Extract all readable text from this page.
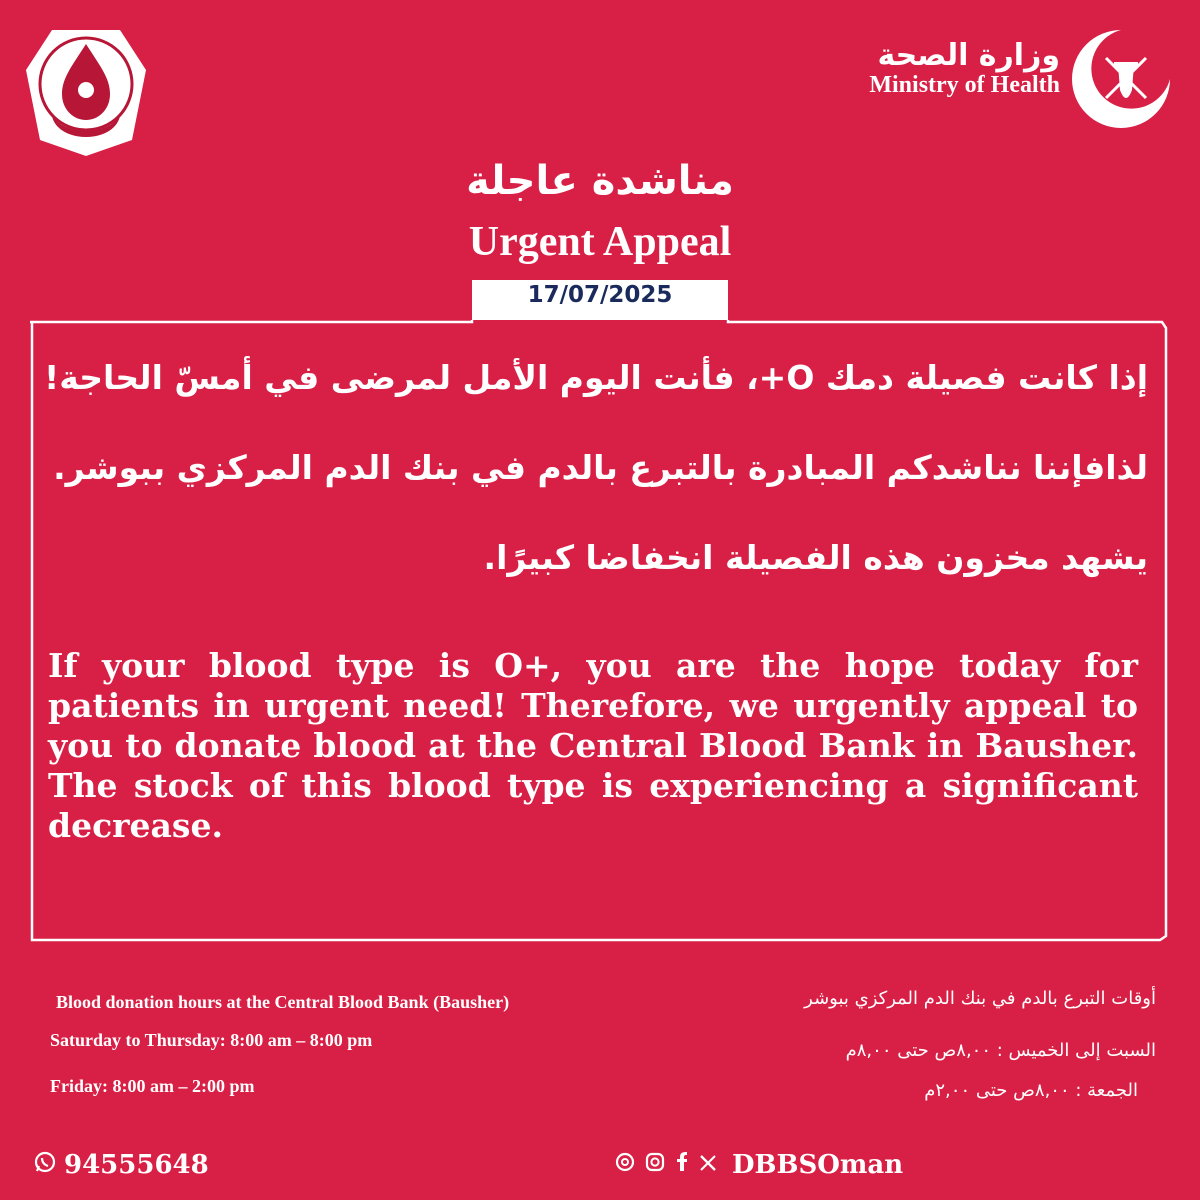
وزارة الصحة
Ministry of Health
مناشدة عاجلة
Urgent Appeal
17/07/2025
إذا كانت فصيلة دمك O+، فأنت اليوم الأمل لمرضى في أمسّ الحاجة!
لذافإننا نناشدكم المبادرة بالتبرع بالدم في بنك الدم المركزي ببوشر.
يشهد مخزون هذه الفصيلة انخفاضا كبيرًا.
If your blood type is O+, you are the hope today for patients in urgent need! Therefore, we urgently appeal to you to donate blood at the Central Blood Bank in Bausher. The stock of this blood type is experiencing a significant decrease.
Blood donation hours at the Central Blood Bank (Bausher)
Saturday to Thursday: 8:00 am – 8:00 pm
Friday: 8:00 am – 2:00 pm
أوقات التبرع بالدم في بنك الدم المركزي ببوشر
السبت إلى الخميس : ٨,٠٠ص حتى ٨,٠٠م
الجمعة : ٨,٠٠ص حتى ٢,٠٠م
94555648	DBBSOman
